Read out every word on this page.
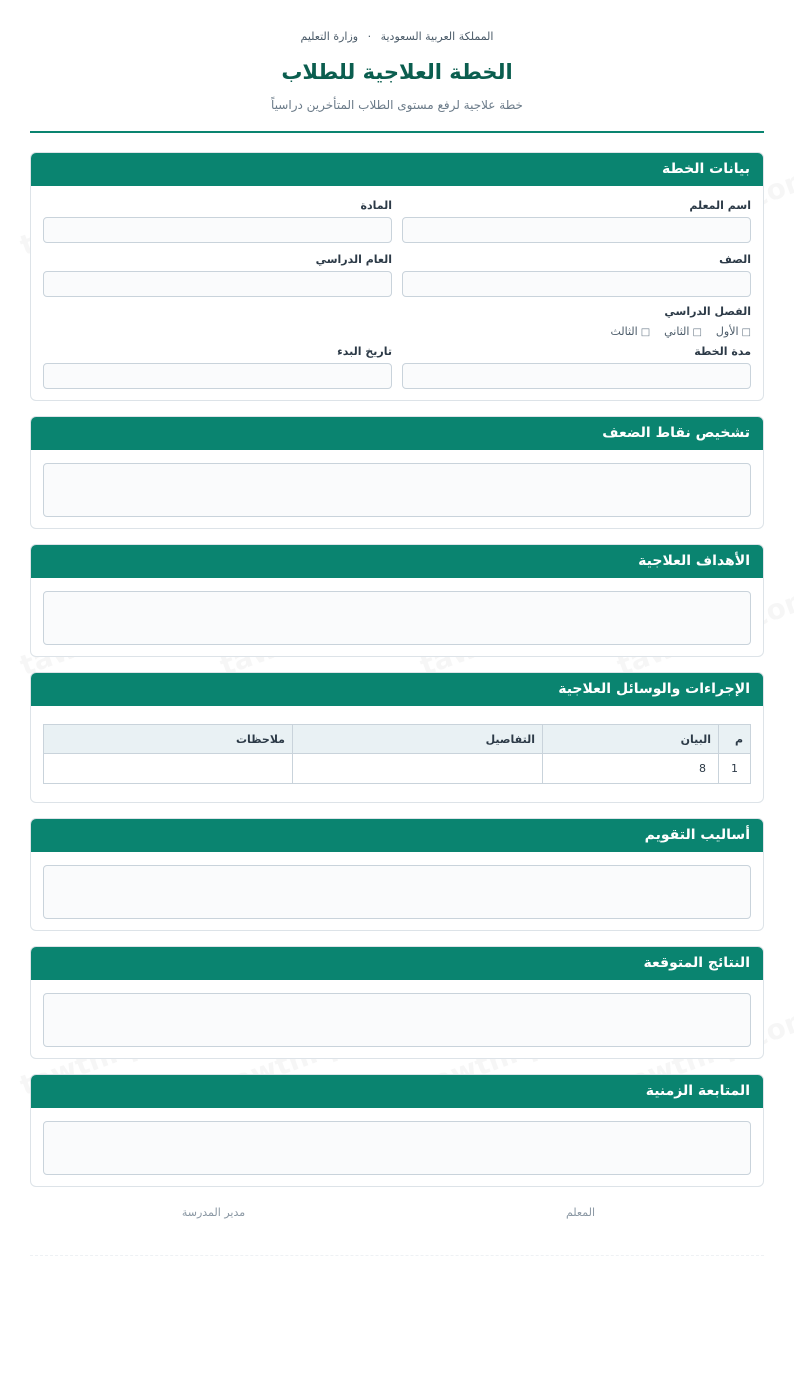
المملكة العربية السعودية · وزارة التعليم
الخطة العلاجية للطلاب
خطة علاجية لرفع مستوى الطلاب المتأخرين دراسياً
بيانات الخطة
اسم المعلم
المادة
الصف
العام الدراسي
الفصل الدراسي
□الأول
□الثاني
□الثالث
مدة الخطة
تاريخ البدء
تشخيص نقاط الضعف
الأهداف العلاجية
الإجراءات والوسائل العلاجية
م	البيان	التفاصيل	ملاحظات
1	8		
أساليب التقويم
النتائج المتوقعة
المتابعة الزمنية
المعلم
مدير المدرسة
